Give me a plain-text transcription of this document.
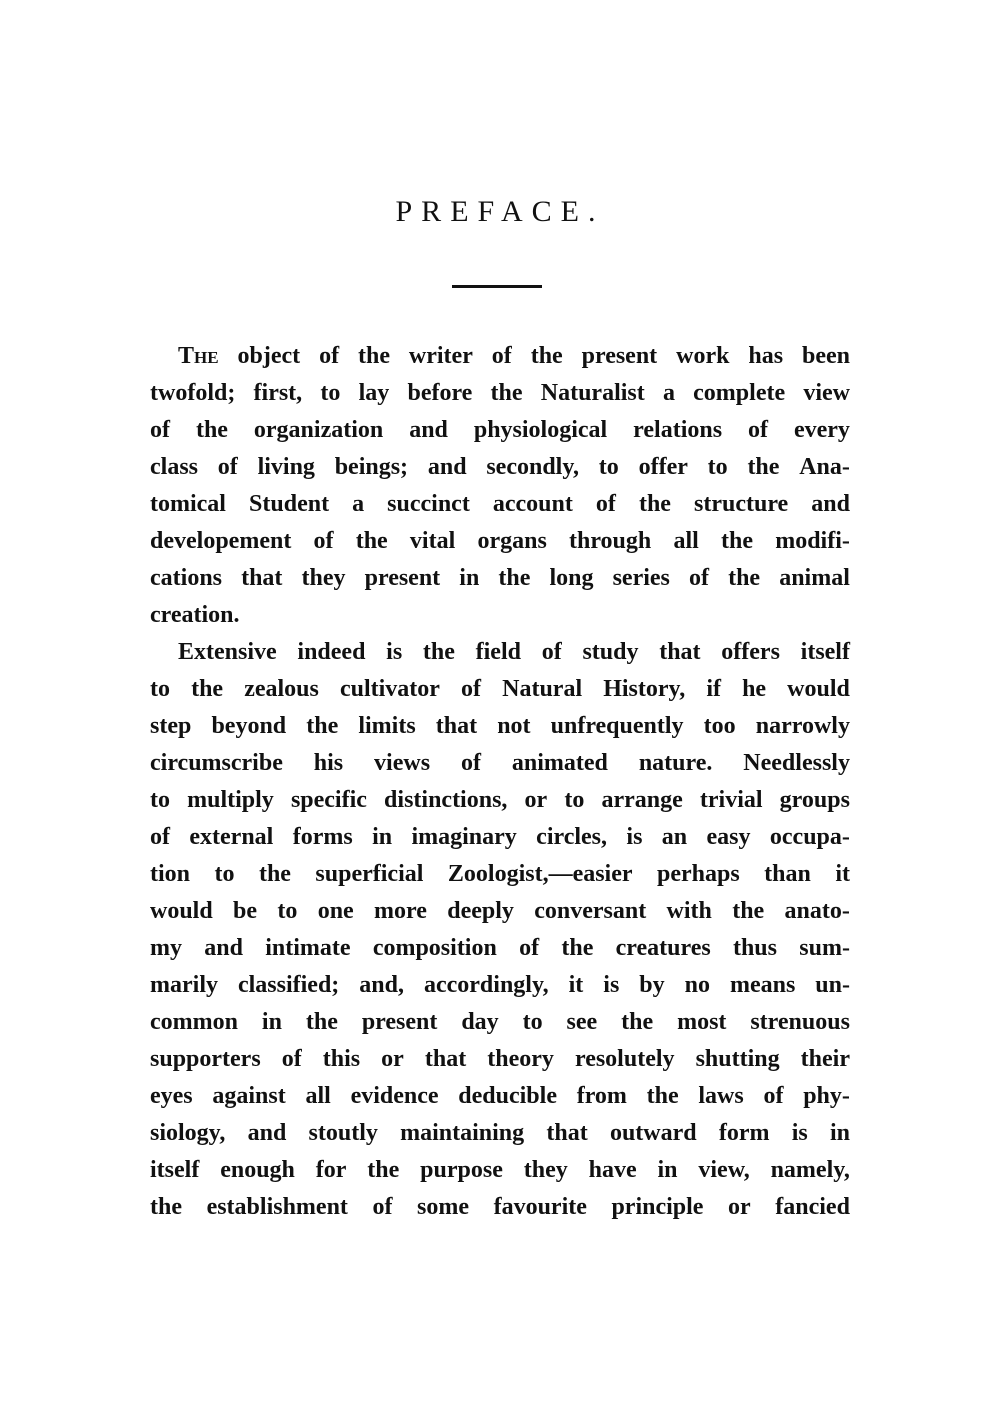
PREFACE.
The object of the writer of the present work has been
twofold; first, to lay before the Naturalist a complete view
of the organization and physiological relations of every
class of living beings; and secondly, to offer to the Ana-
tomical Student a succinct account of the structure and
developement of the vital organs through all the modifi-
cations that they present in the long series of the animal
creation.
Extensive indeed is the field of study that offers itself
to the zealous cultivator of Natural History, if he would
step beyond the limits that not unfrequently too narrowly
circumscribe his views of animated nature. Needlessly
to multiply specific distinctions, or to arrange trivial groups
of external forms in imaginary circles, is an easy occupa-
tion to the superficial Zoologist,—easier perhaps than it
would be to one more deeply conversant with the anato-
my and intimate composition of the creatures thus sum-
marily classified; and, accordingly, it is by no means un-
common in the present day to see the most strenuous
supporters of this or that theory resolutely shutting their
eyes against all evidence deducible from the laws of phy-
siology, and stoutly maintaining that outward form is in
itself enough for the purpose they have in view, namely,
the establishment of some favourite principle or fancied
